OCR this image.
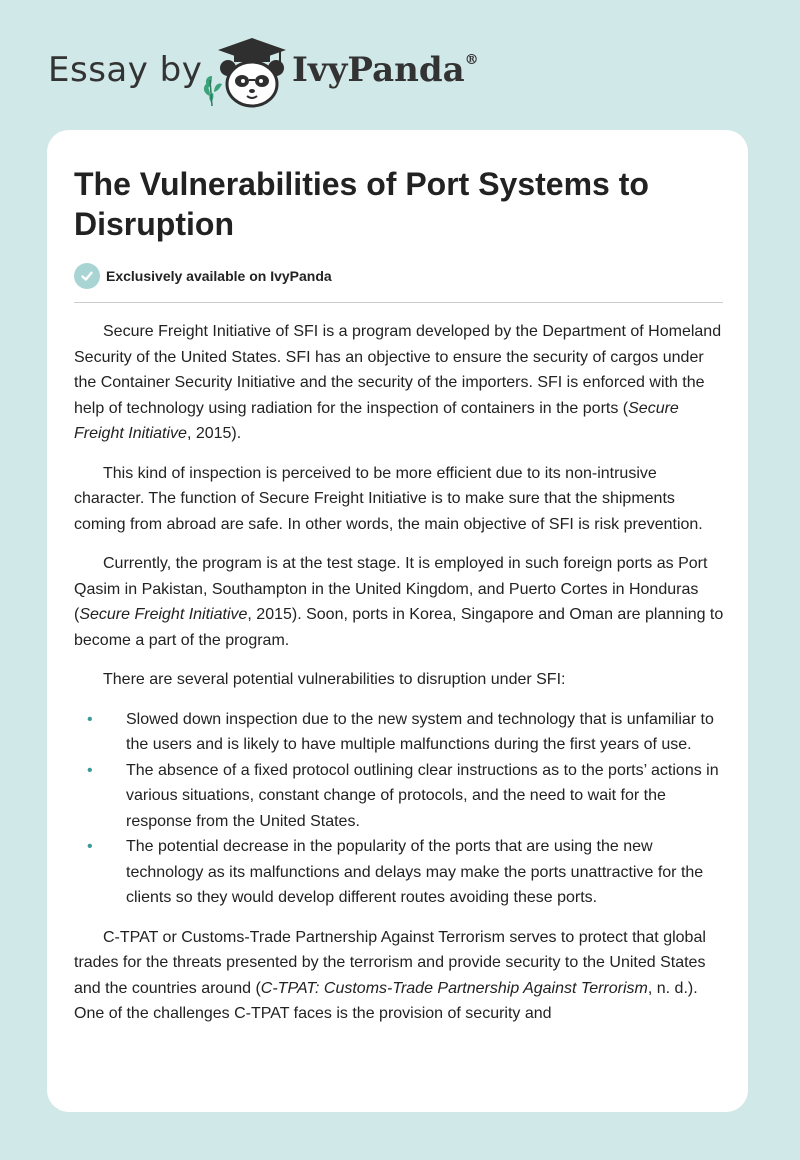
Essay by	IvyPanda®
The Vulnerabilities of Port Systems to Disruption
Exclusively available on IvyPanda

Secure Freight Initiative of SFI is a program developed by the Department of Homeland Security of the United States. SFI has an objective to ensure the security of cargos under the Container Security Initiative and the security of the importers. SFI is enforced with the help of technology using radiation for the inspection of containers in the ports (Secure Freight Initiative, 2015).

This kind of inspection is perceived to be more efficient due to its non-intrusive character. The function of Secure Freight Initiative is to make sure that the shipments coming from abroad are safe. In other words, the main objective of SFI is risk prevention.

Currently, the program is at the test stage. It is employed in such foreign ports as Port Qasim in Pakistan, Southampton in the United Kingdom, and Puerto Cortes in Honduras (Secure Freight Initiative, 2015). Soon, ports in Korea, Singapore and Oman are planning to become a part of the program.

There are several potential vulnerabilities to disruption under SFI:

• Slowed down inspection due to the new system and technology that is unfamiliar to the users and is likely to have multiple malfunctions during the first years of use.
• The absence of a fixed protocol outlining clear instructions as to the ports’ actions in various situations, constant change of protocols, and the need to wait for the response from the United States.
• The potential decrease in the popularity of the ports that are using the new technology as its malfunctions and delays may make the ports unattractive for the clients so they would develop different routes avoiding these ports.

C-TPAT or Customs-Trade Partnership Against Terrorism serves to protect that global trades for the threats presented by the terrorism and provide security to the United States and the countries around (C-TPAT: Customs-Trade Partnership Against Terrorism, n. d.). One of the challenges C-TPAT faces is the provision of security and
